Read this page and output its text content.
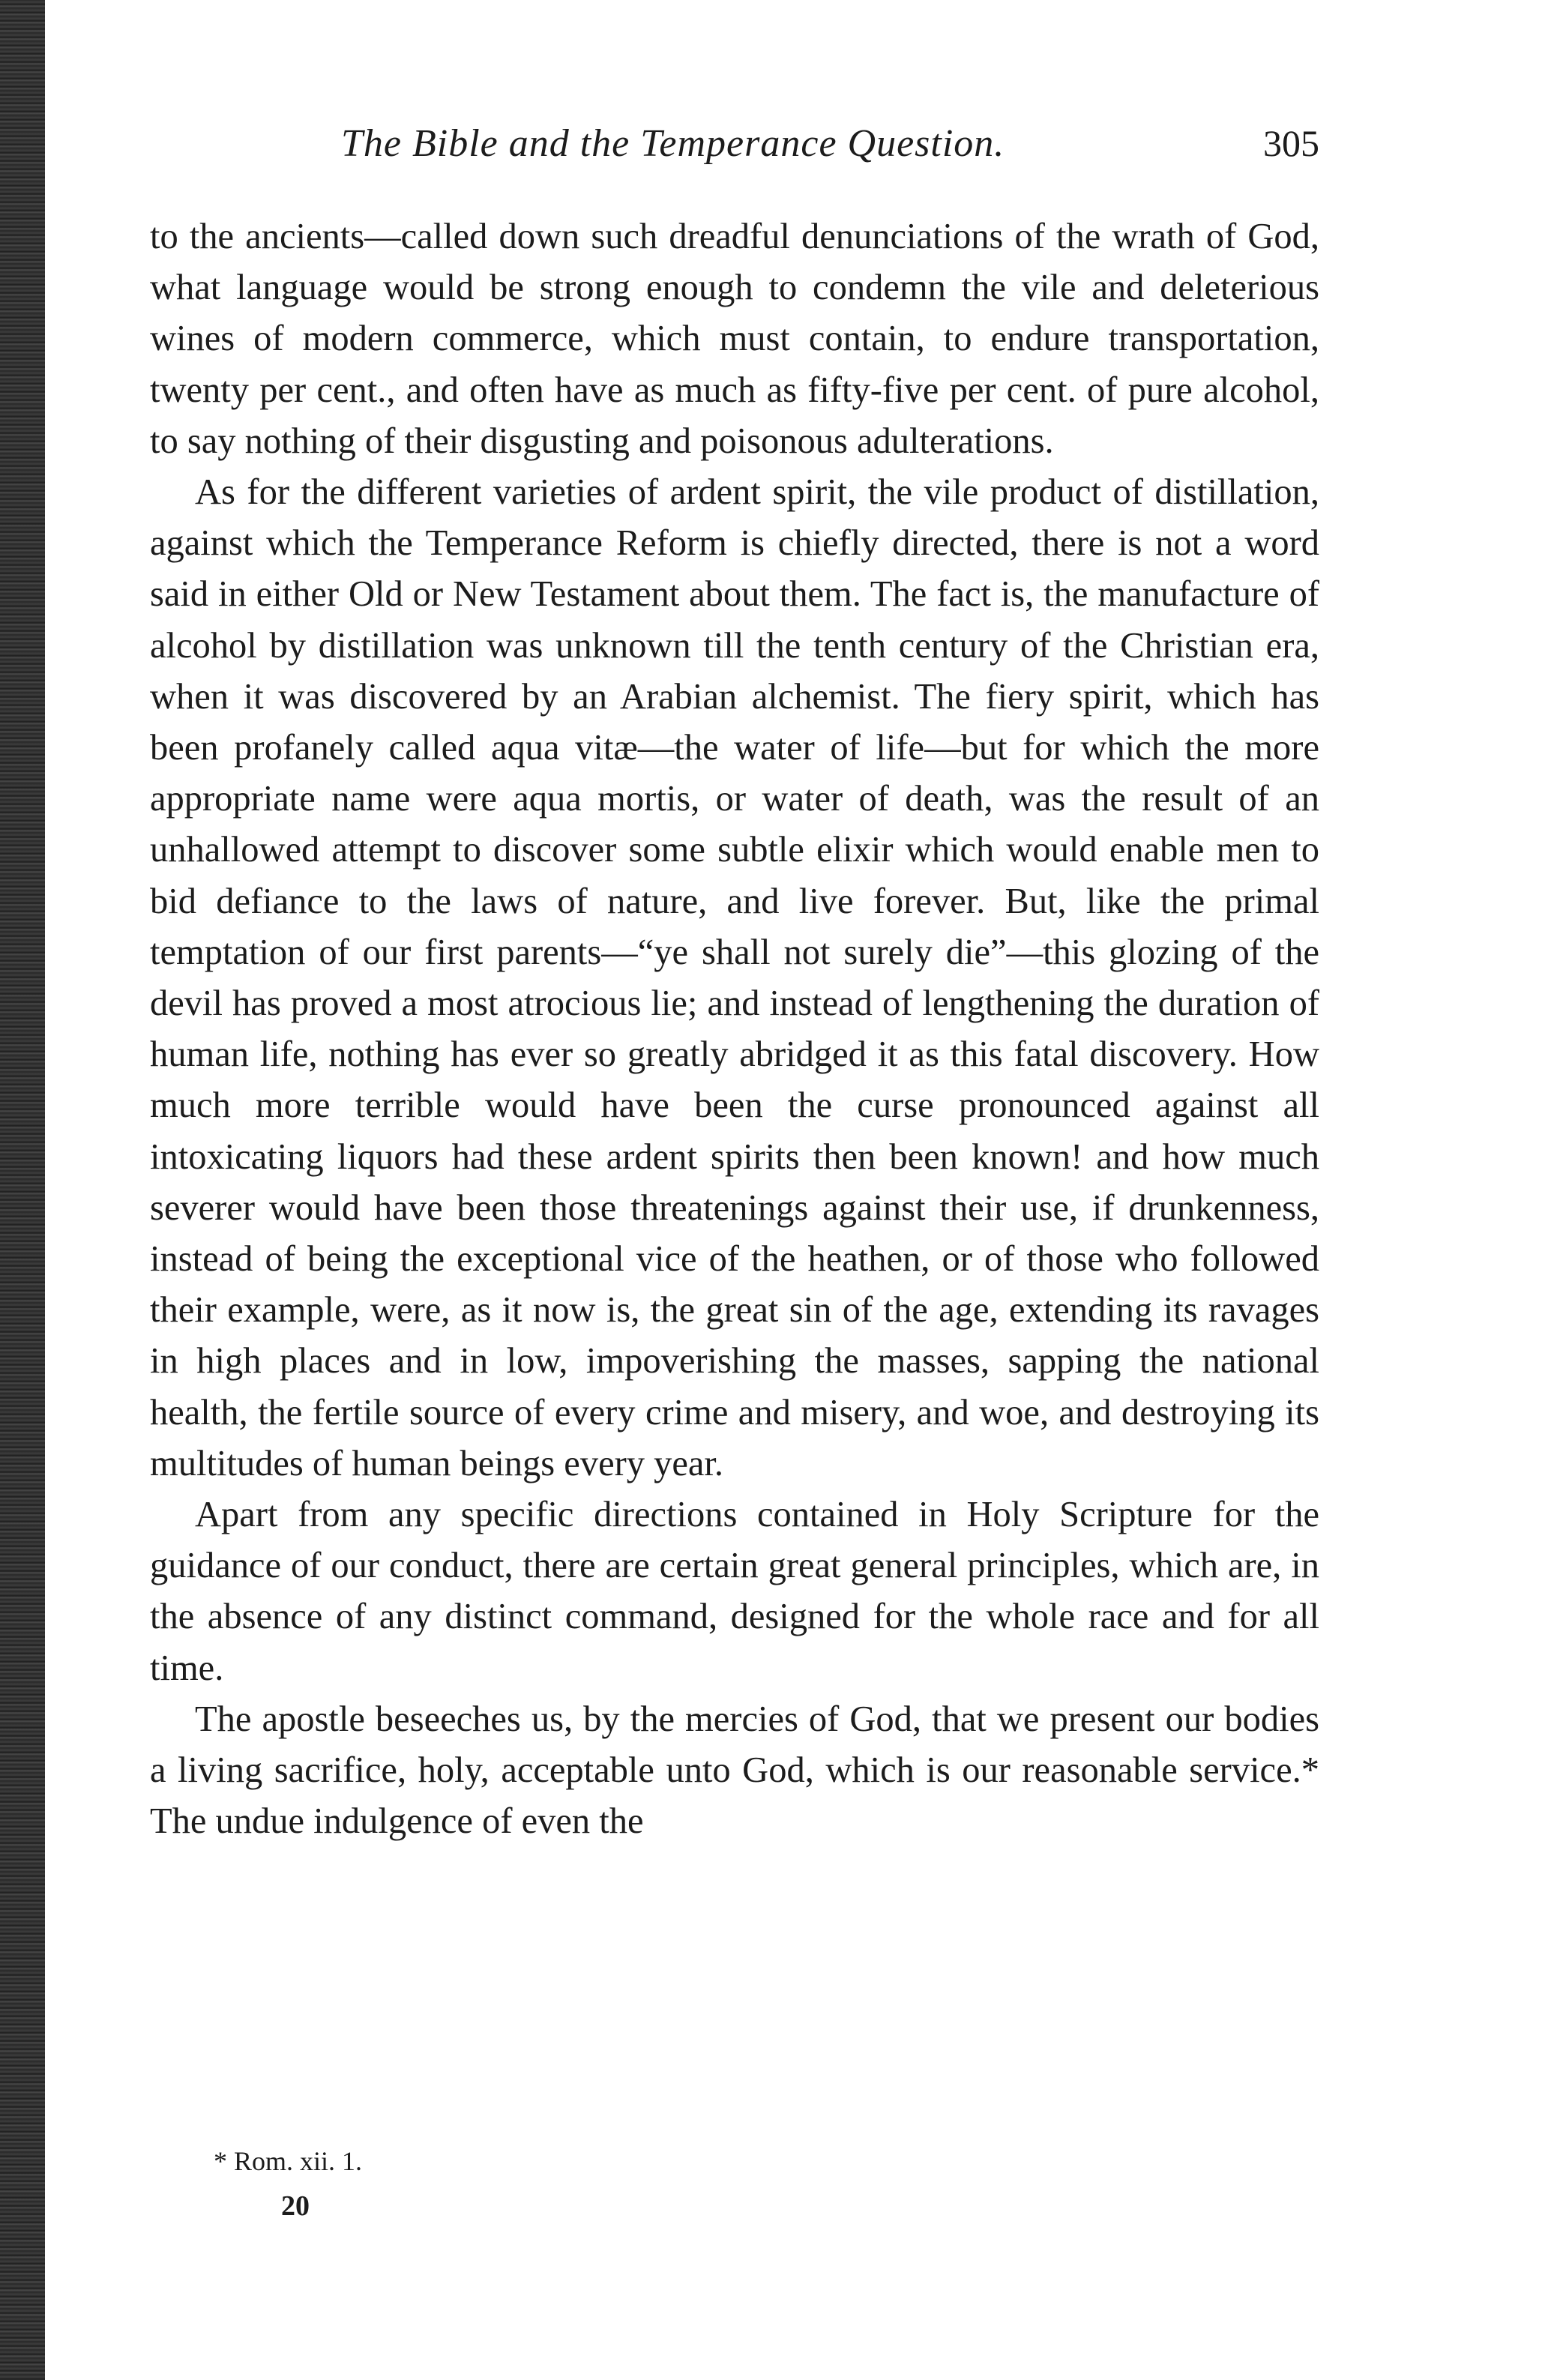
The Bible and the Temperance Question.	305

to the ancients—called down such dreadful denunciations of the wrath of God, what language would be strong enough to condemn the vile and deleterious wines of modern commerce, which must contain, to endure transportation, twenty per cent., and often have as much as fifty-five per cent. of pure alcohol, to say nothing of their disgusting and poisonous adulterations.

As for the different varieties of ardent spirit, the vile product of distillation, against which the Temperance Reform is chiefly directed, there is not a word said in either Old or New Testament about them. The fact is, the manufacture of alcohol by distillation was unknown till the tenth century of the Christian era, when it was discovered by an Arabian alchemist. The fiery spirit, which has been profanely called aqua vitæ—the water of life—but for which the more appropriate name were aqua mortis, or water of death, was the result of an unhallowed attempt to discover some subtle elixir which would enable men to bid defiance to the laws of nature, and live forever. But, like the primal temptation of our first parents—“ye shall not surely die”—this glozing of the devil has proved a most atrocious lie; and instead of lengthening the duration of human life, nothing has ever so greatly abridged it as this fatal discovery. How much more terrible would have been the curse pronounced against all intoxicating liquors had these ardent spirits then been known! and how much severer would have been those threatenings against their use, if drunkenness, instead of being the exceptional vice of the heathen, or of those who followed their example, were, as it now is, the great sin of the age, extending its ravages in high places and in low, impoverishing the masses, sapping the national health, the fertile source of every crime and misery, and woe, and destroying its multitudes of human beings every year.

Apart from any specific directions contained in Holy Scripture for the guidance of our conduct, there are certain great general principles, which are, in the absence of any distinct command, designed for the whole race and for all time.

The apostle beseeches us, by the mercies of God, that we present our bodies a living sacrifice, holy, acceptable unto God, which is our reasonable service.* The undue indulgence of even the

* Rom. xii. 1.
20
